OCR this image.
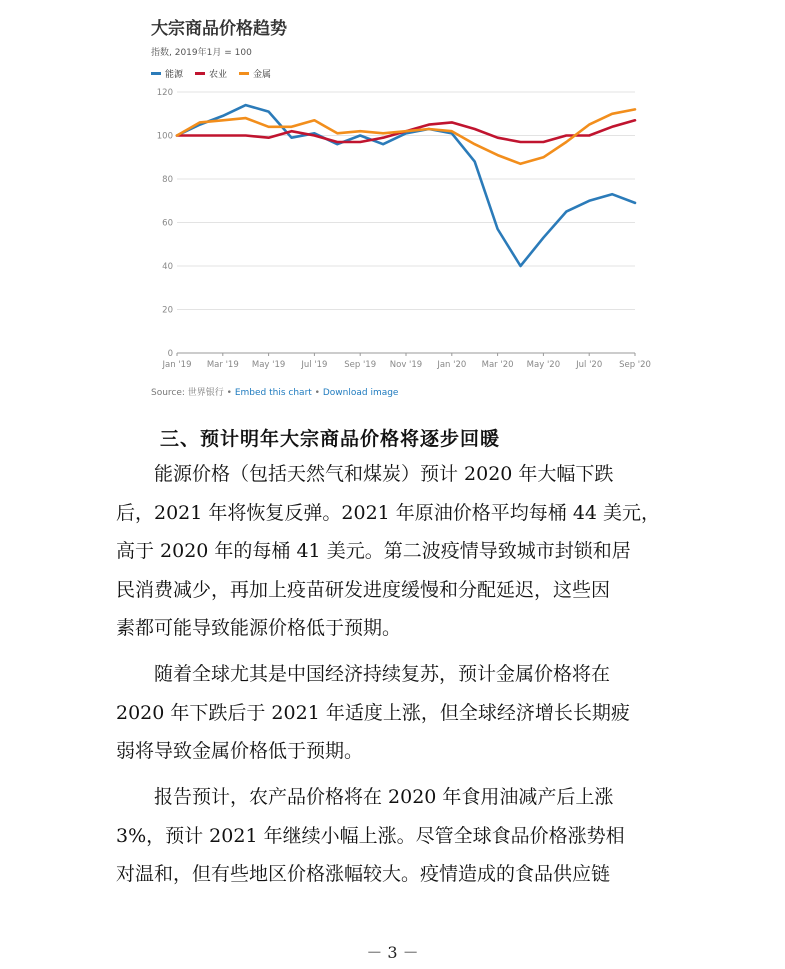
大宗商品价格趋势
指数, 2019年1月 = 100
能源	农业	金属
0
20
40
60
80
100
120
Jan '19 Mar '19 May '19 Jul '19 Sep '19 Nov '19 Jan '20 Mar '20 May '20 Jul '20 Sep '20
Source: 世界银行 • Embed this chart • Download image
三、预计明年大宗商品价格将逐步回暖
　　能源价格（包括天然气和煤炭）预计 2020 年大幅下跌
后，2021 年将恢复反弹。2021 年原油价格平均每桶 44 美元，
高于 2020 年的每桶 41 美元。第二波疫情导致城市封锁和居
民消费减少，再加上疫苗研发进度缓慢和分配延迟，这些因
素都可能导致能源价格低于预期。
　　随着全球尤其是中国经济持续复苏，预计金属价格将在
2020 年下跌后于 2021 年适度上涨，但全球经济增长长期疲
弱将导致金属价格低于预期。
　　报告预计，农产品价格将在 2020 年食用油减产后上涨
3%，预计 2021 年继续小幅上涨。尽管全球食品价格涨势相
对温和，但有些地区价格涨幅较大。疫情造成的食品供应链
－ 3 －
